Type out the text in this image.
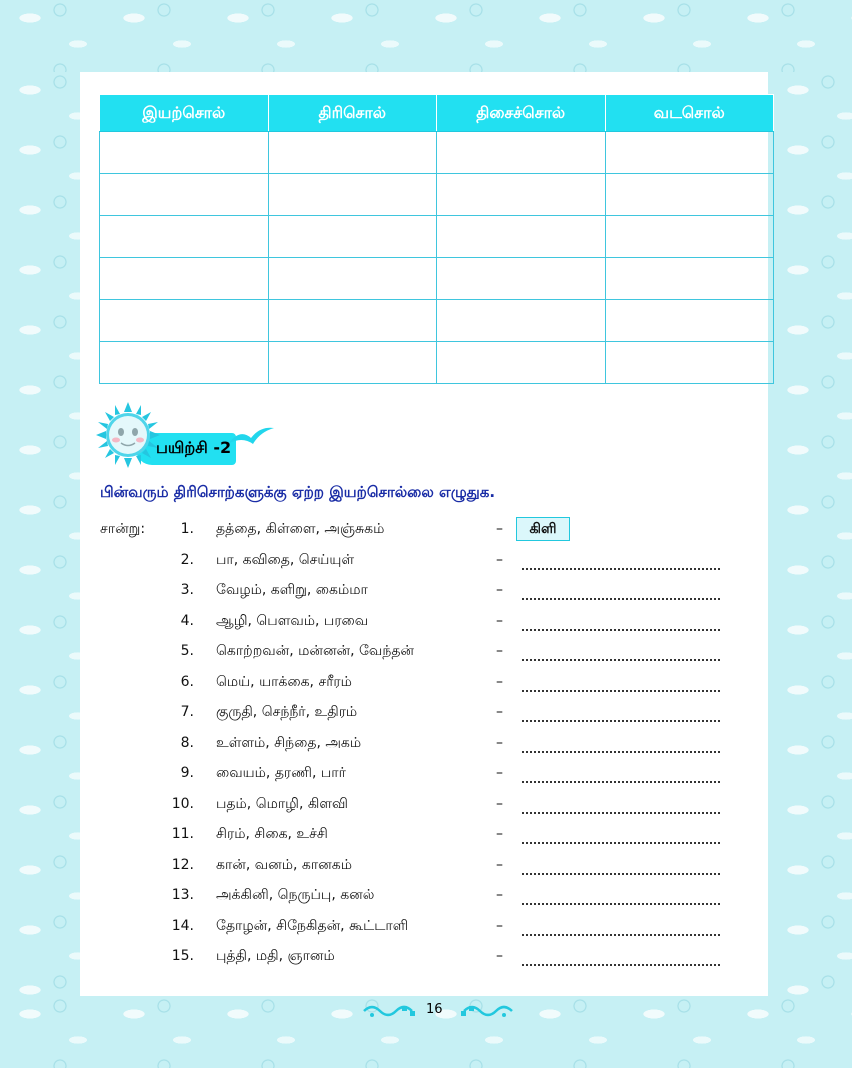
இயற்சொல்	திரிசொல்	திசைச்சொல்	வடசொல்

பயிற்சி -2
பின்வரும் திரிசொற்களுக்கு ஏற்ற இயற்சொல்லை எழுதுக.
சான்று:	1. தத்தை, கிள்ளை, அஞ்சுகம்	–	கிளி
2. பா, கவிதை, செய்யுள்	–
3. வேழம், களிறு, கைம்மா	–
4. ஆழி, பௌவம், பரவை	–
5. கொற்றவன், மன்னன், வேந்தன்	–
6. மெய், யாக்கை, சரீரம்	–
7. குருதி, செந்நீர், உதிரம்	–
8. உள்ளம், சிந்தை, அகம்	–
9. வையம், தரணி, பார்	–
10. பதம், மொழி, கிளவி	–
11. சிரம், சிகை, உச்சி	–
12. கான், வனம், கானகம்	–
13. அக்கினி, நெருப்பு, கனல்	–
14. தோழன், சிநேகிதன், கூட்டாளி	–
15. புத்தி, மதி, ஞானம்	–
16
